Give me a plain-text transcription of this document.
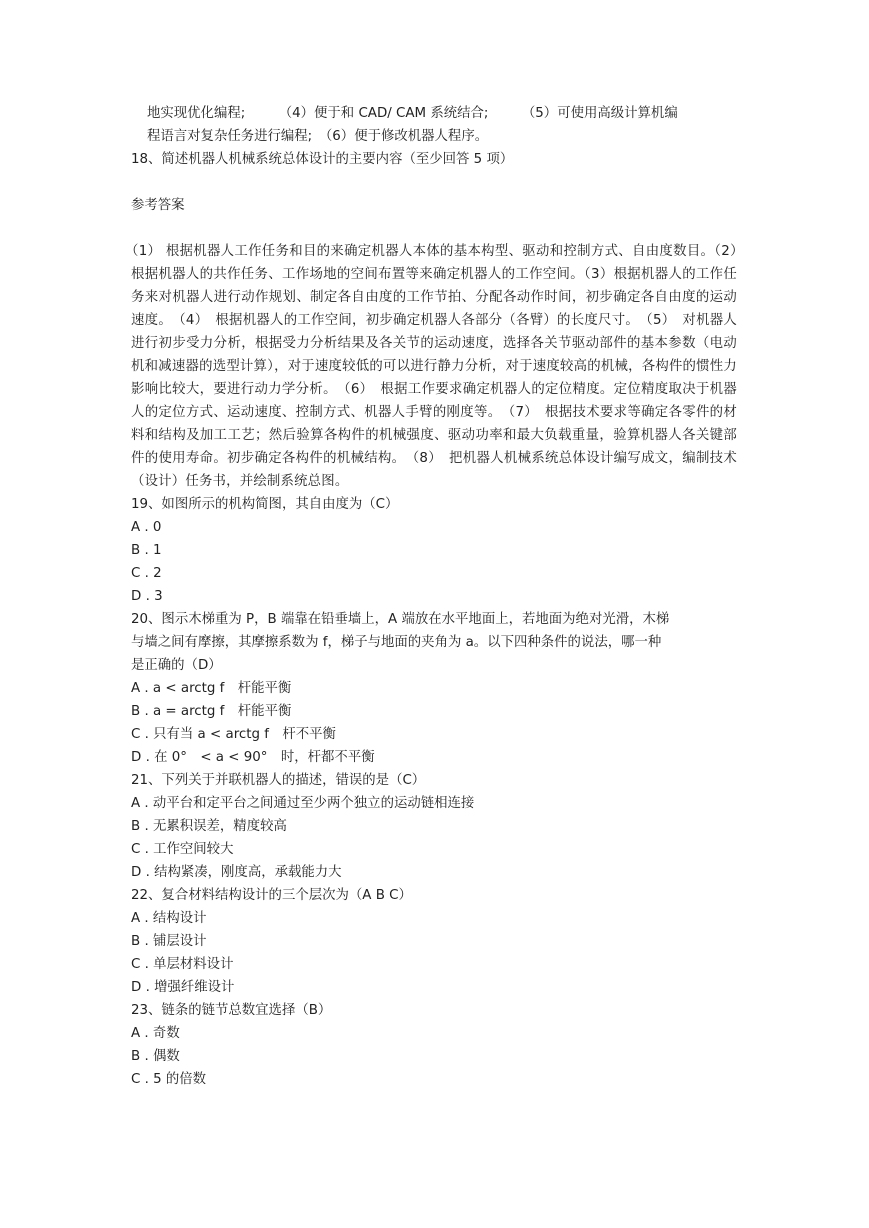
地实现优化编程;　　　（4）便于和 CAD/ CAM 系统结合;　　　（5）可使用高级计算机编
程语言对复杂任务进行编程;　（6）便于修改机器人程序。
18、简述机器人机械系统总体设计的主要内容（至少回答 5 项）
参考答案
（1） 根据机器人工作任务和目的来确定机器人本体的基本构型、驱动和控制方式、自由度数目。（2）根据机器人的共作任务、工作场地的空间布置等来确定机器人的工作空间。（3）根据机器人的工作任务来对机器人进行动作规划、制定各自由度的工作节拍、分配各动作时间，初步确定各自由度的运动速度。　（4）　根据机器人的工作空间，初步确定机器人各部分（各臂）的长度尺寸。　（5）　对机器人进行初步受力分析，根据受力分析结果及各关节的运动速度，选择各关节驱动部件的基本参数（电动机和减速器的选型计算），对于速度较低的可以进行静力分析，对于速度较高的机械，各构件的惯性力影响比较大，要进行动力学分析。　（6）　根据工作要求确定机器人的定位精度。定位精度取决于机器人的定位方式、运动速度、控制方式、机器人手臂的刚度等。　（7）　根据技术要求等确定各零件的材料和结构及加工工艺；然后验算各构件的机械强度、驱动功率和最大负载重量，验算机器人各关键部件的使用寿命。初步确定各构件的机械结构。　（8）　把机器人机械系统总体设计编写成文，编制技术（设计）任务书，并绘制系统总图。
19、如图所示的机构简图，其自由度为（C）
A . 0
B . 1
C . 2
D . 3
20、图示木梯重为 P，B 端靠在铅垂墙上，A 端放在水平地面上，若地面为绝对光滑，木梯
与墙之间有摩擦，其摩擦系数为 f，梯子与地面的夹角为 a。以下四种条件的说法，哪一种
是正确的（D）
A . a < arctg f　杆能平衡
B . a = arctg f　杆能平衡
C . 只有当 a < arctg f　杆不平衡
D . 在 0°　< a < 90°　时，杆都不平衡
21、下列关于并联机器人的描述，错误的是（C）
A . 动平台和定平台之间通过至少两个独立的运动链相连接
B . 无累积误差，精度较高
C . 工作空间较大
D . 结构紧凑，刚度高，承载能力大
22、复合材料结构设计的三个层次为（A B C）
A . 结构设计
B . 铺层设计
C . 单层材料设计
D . 增强纤维设计
23、链条的链节总数宜选择（B）
A . 奇数
B . 偶数
C . 5 的倍数
